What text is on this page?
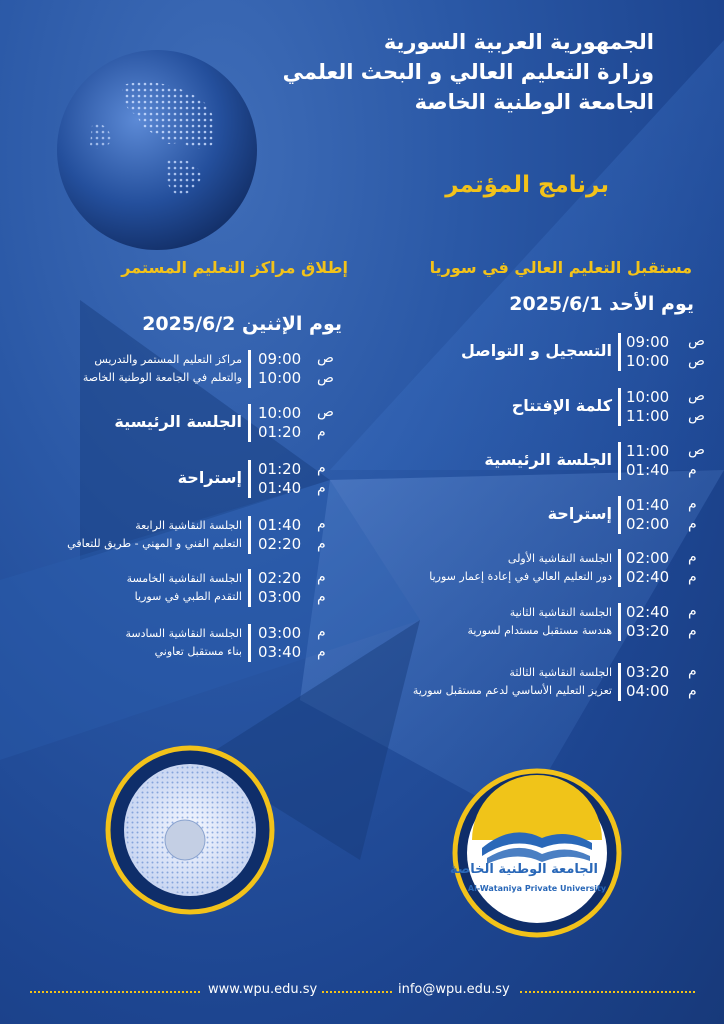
الجمهورية العربية السورية
وزارة التعليم العالي و البحث العلمي
الجامعة الوطنية الخاصة
برنامج المؤتمر
مستقبل التعليم العالي في سوريا
إطلاق مراكز التعليم المستمر
يوم الأحد 2025/6/1
يوم الإثنين 2025/6/2
ص
ص
09:00
10:00
التسجيل و التواصل
ص
ص
10:00
11:00
كلمة الإفتتاح
ص
م
11:00
01:40
الجلسة الرئيسية
م
م
01:40
02:00
إستراحة
م
م
02:00
02:40
الجلسة النقاشية الأولى
دور التعليم العالي في إعادة إعمار سوريا
م
م
02:40
03:20
الجلسة النقاشية الثانية
هندسة مستقبل مستدام لسورية
م
م
03:20
04:00
الجلسة النقاشية الثالثة
تعزيز التعليم الأساسي لدعم مستقبل سورية
ص
ص
09:00
10:00
مراكز التعليم المستمر والتدريس
والتعلم في الجامعة الوطنية الخاصة
ص
م
10:00
01:20
الجلسة الرئيسية
م
م
01:20
01:40
إستراحة
م
م
01:40
02:20
الجلسة النقاشية الرابعة
التعليم الفني و المهني - طريق للتعافي
م
م
02:20
03:00
الجلسة النقاشية الخامسة
التقدم الطبي في سوريا
م
م
03:00
03:40
الجلسة النقاشية السادسة
بناء مستقبل تعاوني
الجامعة الوطنية الخاصة
Al-Wataniya Private University
www.wpu.edu.sy	info@wpu.edu.sy
